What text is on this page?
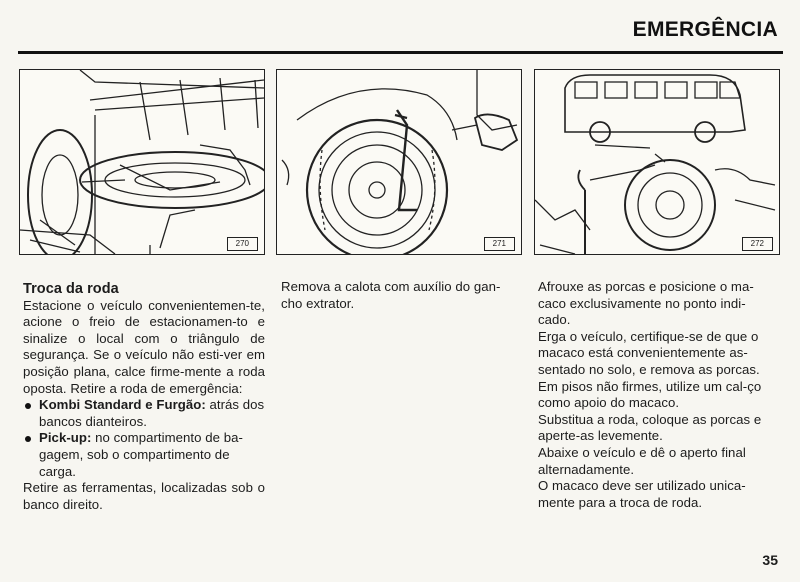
EMERGÊNCIA
270	271	272

Troca da roda

Estacione o veículo convenientemen-te, acione o freio de estacionamen-to e sinalize o local com o triângulo de segurança. Se o veículo não esti-ver em posição plana, calce firme-mente a roda oposta. Retire a roda de emergência:

Kombi Standard e Furgão: atrás dos bancos dianteiros.
Pick-up: no compartimento de ba-gagem, sob o compartimento de carga.

Retire as ferramentas, localizadas sob o banco direito.

Remova a calota com auxílio do gan-cho extrator.

Afrouxe as porcas e posicione o ma-caco exclusivamente no ponto indi-cado.

Erga o veículo, certifique-se de que o macaco está convenientemente as-sentado no solo, e remova as porcas.

Em pisos não firmes, utilize um cal-ço como apoio do macaco.

Substitua a roda, coloque as porcas e aperte-as levemente.

Abaixe o veículo e dê o aperto final alternadamente.

O macaco deve ser utilizado unica-mente para a troca de roda.

35
